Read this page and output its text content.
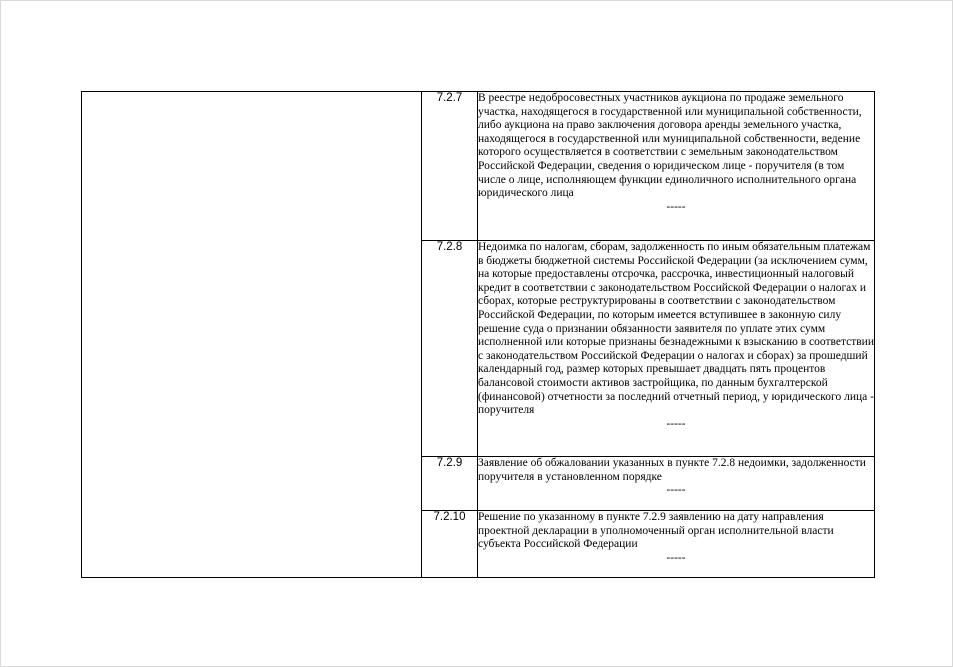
	7.2.7	В реестре недобросовестных участников аукциона по продаже земельного участка, находящегося в государственной или муниципальной собственности, либо аукциона на право заключения договора аренды земельного участка, находящегося в государственной или муниципальной собственности, ведение которого осуществляется в соответствии с земельным законодательством Российской Федерации, сведения о юридическом лице - поручителя (в том числе о лице, исполняющем функции единоличного исполнительного органа юридического лица
-----

	7.2.8	Недоимка по налогам, сборам, задолженность по иным обязательным платежам в бюджеты бюджетной системы Российской Федерации (за исключением сумм, на которые предоставлены отсрочка, рассрочка, инвестиционный налоговый кредит в соответствии с законодательством Российской Федерации о налогах и сборах, которые реструктурированы в соответствии с законодательством Российской Федерации, по которым имеется вступившее в законную силу решение суда о признании обязанности заявителя по уплате этих сумм исполненной или которые признаны безнадежными к взысканию в соответствии с законодательством Российской Федерации о налогах и сборах) за прошедший календарный год, размер которых превышает двадцать пять процентов балансовой стоимости активов застройщика, по данным бухгалтерской (финансовой) отчетности за последний отчетный период, у юридического лица - поручителя
-----

	7.2.9	Заявление об обжаловании указанных в пункте 7.2.8 недоимки, задолженности поручителя в установленном порядке
-----

	7.2.10	Решение по указанному в пункте 7.2.9 заявлению на дату направления проектной декларации в уполномоченный орган исполнительной власти субъекта Российской Федерации
-----
